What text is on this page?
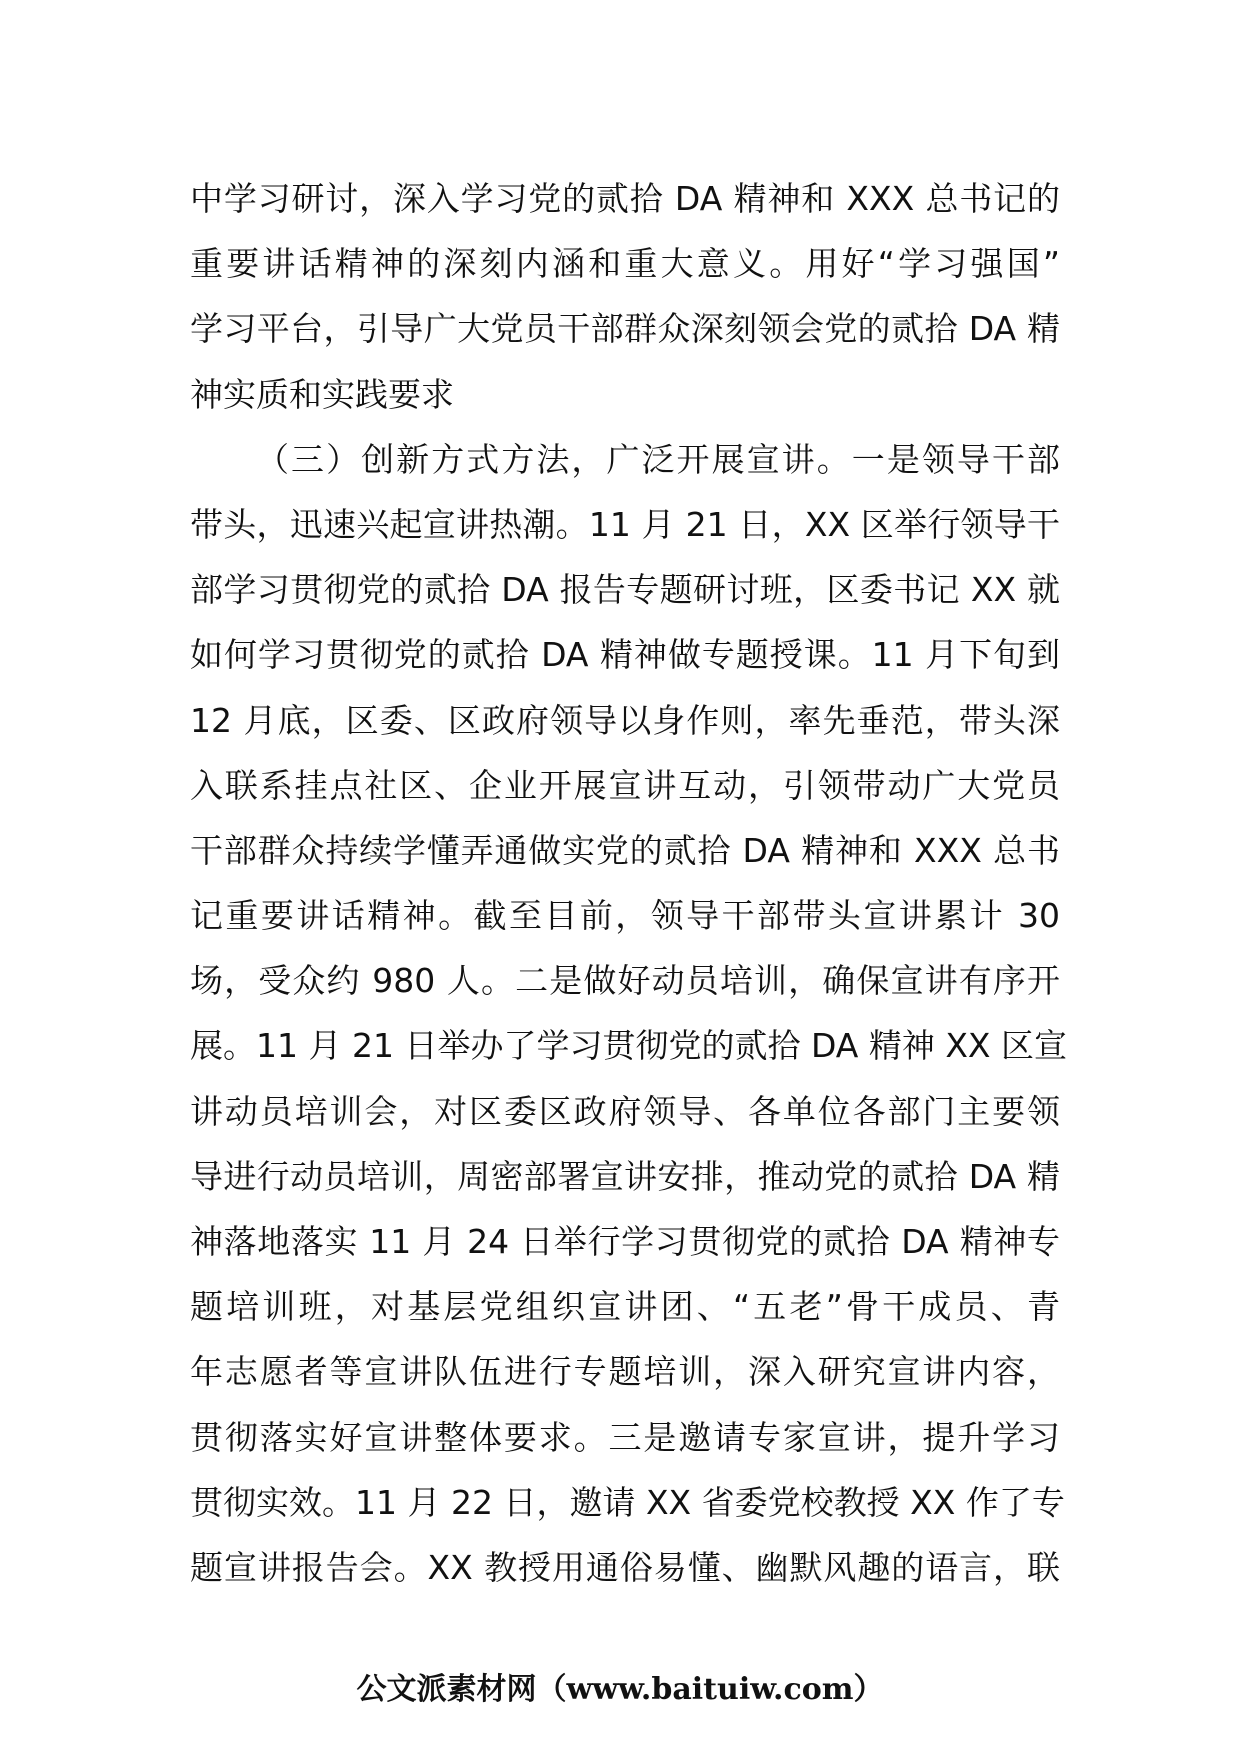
中学习研讨，深入学习党的贰拾 DA 精神和 XXX 总书记的
重要讲话精神的深刻内涵和重大意义。用好“学习强国”
学习平台，引导广大党员干部群众深刻领会党的贰拾 DA 精
神实质和实践要求
（三）创新方式方法，广泛开展宣讲。一是领导干部
带头，迅速兴起宣讲热潮。11 月 21 日，XX 区举行领导干
部学习贯彻党的贰拾 DA 报告专题研讨班，区委书记 XX 就
如何学习贯彻党的贰拾 DA 精神做专题授课。11 月下旬到
12 月底，区委、区政府领导以身作则，率先垂范，带头深
入联系挂点社区、企业开展宣讲互动，引领带动广大党员
干部群众持续学懂弄通做实党的贰拾 DA 精神和 XXX 总书
记重要讲话精神。截至目前，领导干部带头宣讲累计 30
场，受众约 980 人。二是做好动员培训，确保宣讲有序开
展。11 月 21 日举办了学习贯彻党的贰拾 DA 精神 XX 区宣
讲动员培训会，对区委区政府领导、各单位各部门主要领
导进行动员培训，周密部署宣讲安排，推动党的贰拾 DA 精
神落地落实 11 月 24 日举行学习贯彻党的贰拾 DA 精神专
题培训班，对基层党组织宣讲团、“五老”骨干成员、青
年志愿者等宣讲队伍进行专题培训，深入研究宣讲内容，
贯彻落实好宣讲整体要求。三是邀请专家宣讲，提升学习
贯彻实效。11 月 22 日，邀请 XX 省委党校教授 XX 作了专
题宣讲报告会。XX 教授用通俗易懂、幽默风趣的语言，联
公文派素材网（www.baituiw.com）
